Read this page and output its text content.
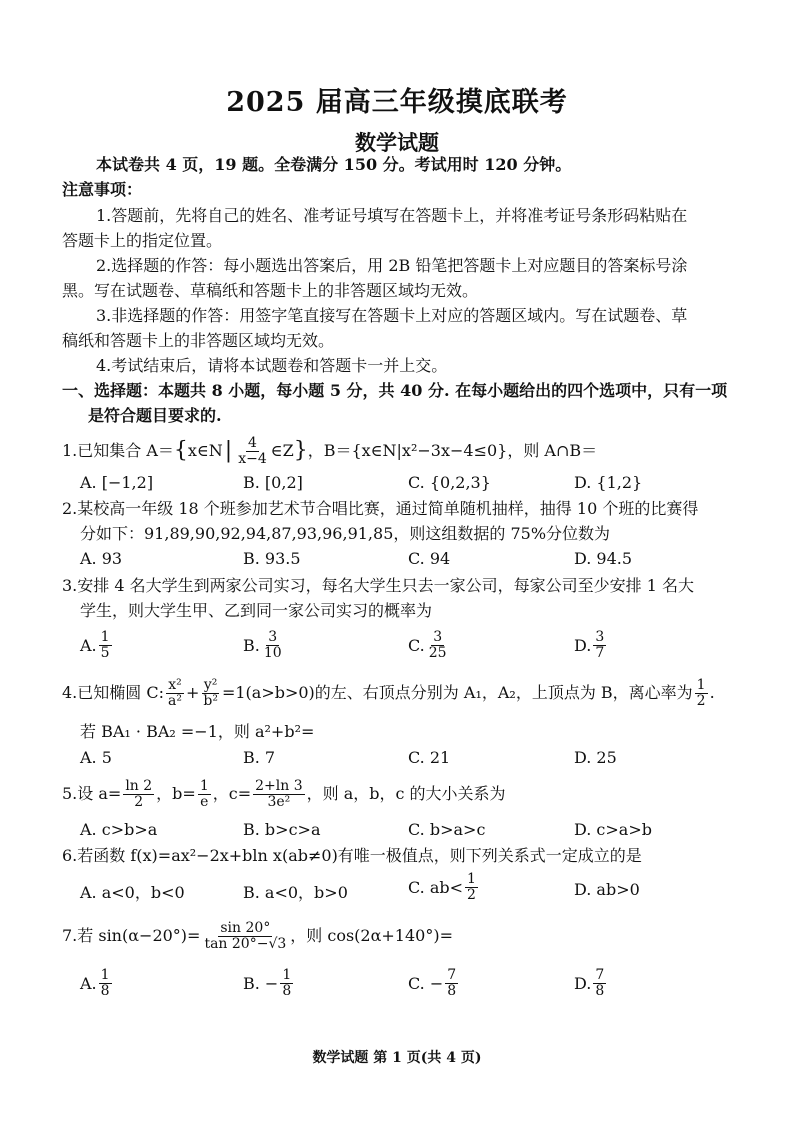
2025 届高三年级摸底联考
数学试题
本试卷共 4 页，19 题。全卷满分 150 分。考试用时 120 分钟。
注意事项：
1.答题前，先将自己的姓名、准考证号填写在答题卡上，并将准考证号条形码粘贴在
答题卡上的指定位置。
2.选择题的作答：每小题选出答案后，用 2B 铅笔把答题卡上对应题目的答案标号涂
黑。写在试题卷、草稿纸和答题卡上的非答题区域均无效。
3.非选择题的作答：用签字笔直接写在答题卡上对应的答题区域内。写在试题卷、草
稿纸和答题卡上的非答题区域均无效。
4.考试结束后，请将本试题卷和答题卡一并上交。
一、选择题：本题共 8 小题，每小题 5 分，共 40 分. 在每小题给出的四个选项中，只有一项
是符合题目要求的.
1.已知集合 A＝ { x∈N | $\frac{4}{x-4}$ ∈Z } ，B＝{x∈N|x²−3x−4≤0}，则 A∩B＝
A. [−1,2]	B. [0,2]	C. {0,2,3}	D. {1,2}
2.某校高一年级 18 个班参加艺术节合唱比赛，通过简单随机抽样，抽得 10 个班的比赛得
分如下：91,89,90,92,94,87,93,96,91,85，则这组数据的 75%分位数为
A. 93	B. 93.5	C. 94	D. 94.5
3.安排 4 名大学生到两家公司实习，每名大学生只去一家公司，每家公司至少安排 1 名大
学生，则大学生甲、乙到同一家公司实习的概率为
A. $\frac{1}{5}$	B. $\frac{3}{10}$	C. $\frac{3}{25}$	D. $\frac{3}{7}$
4.已知椭圆 C: $\frac{\text{x²}}{\text{a²}} + \frac{\text{y²}}{\text{b²}} =1(a>b>0)$的左、右顶点分别为 A₁，A₂，上顶点为 B，离心率为 $\frac{1}{2}$ .
若 BA₁ · BA₂ =−1，则 a²+b²=
A. 5	B. 7	C. 21	D. 25
5.设 $a= \frac{\ln 2}{2}$ ，$b= \frac{1}{e}$ ，$c= \frac{2+\ln 3}{\text{3e²}}$ ，则 a，b，c 的大小关系为
A. c>b>a	B. b>c>a	C. b>a>c	D. c>a>b
6.若函数 f(x)=ax²−2x+bln x(ab≠0)有唯一极值点，则下列关系式一定成立的是
A. a<0，b<0	B. a<0，b>0	C. $ab< \frac{1}{2}$	D. ab>0
7.若 $\sin(\alpha-20^\circ)= \frac{\sin 20^\circ}{\tan 20^\circ-√3}$ ，则 cos(2α+140°)=
A. $\frac{1}{8}$	B. − $\frac{1}{8}$	C. − $\frac{7}{8}$	D. $\frac{7}{8}$
数学试题 第 1 页(共 4 页)
